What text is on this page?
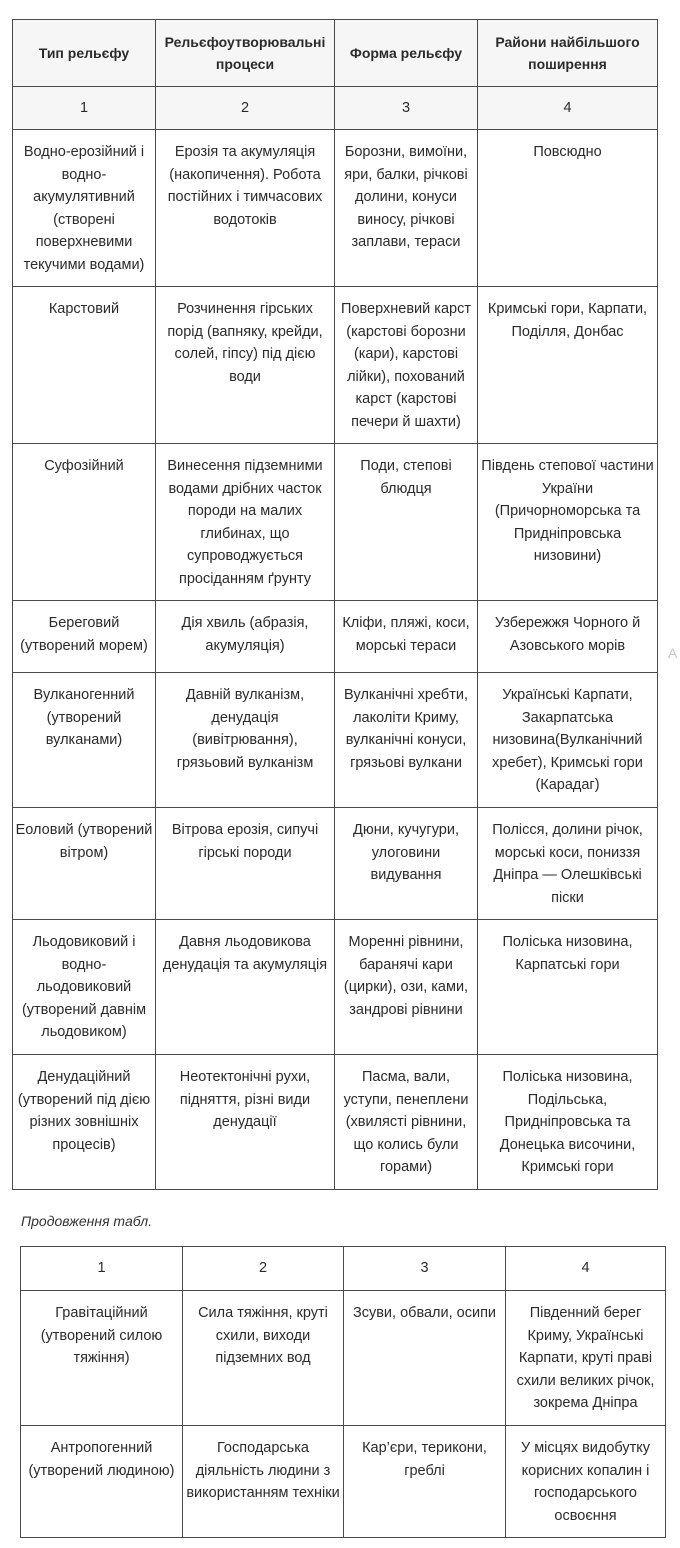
Тип рельєфу	Рельєфоутворювальні процеси	Форма рельєфу	Райони найбільшого поширення
1	2	3	4
Водно-ерозійний і водно-акумулятивний (створені поверхневими текучими водами)	Ерозія та акумуляція (накопичення). Робота постійних і тимчасових водотоків	Борозни, вимоїни, яри, балки, річкові долини, конуси виносу, річкові заплави, тераси	Повсюдно
Карстовий	Розчинення гірських порід (вапняку, крейди, солей, гіпсу) під дією води	Поверхневий карст (карстові борозни (кари), карстові лійки), похований карст (карстові печери й шахти)	Кримські гори, Карпати, Поділля, Донбас
Суфозійний	Винесення підземними водами дрібних часток породи на малих глибинах, що супроводжується просіданням ґрунту	Поди, степові блюдця	Південь степової частини України (Причорноморська та Придніпровська низовини)
Береговий (утворений морем)	Дія хвиль (абразія, акумуляція)	Кліфи, пляжі, коси, морські тераси	Узбережжя Чорного й Азовського морів
Вулканогенний (утворений вулканами)	Давній вулканізм, денудація (вивітрювання), грязьовий вулканізм	Вулканічні хребти, лаколіти Криму, вулканічні конуси, грязьові вулкани	Українські Карпати, Закарпатська низовина(Вулканічний хребет), Кримські гори (Карадаг)
Еоловий (утворений вітром)	Вітрова ерозія, сипучі гірські породи	Дюни, кучугури, улоговини видування	Полісся, долини річок, морські коси, пониззя Дніпра — Олешківські піски
Льодовиковий і водно-льодовиковий (утворений давнім льодовиком)	Давня льодовикова денудація та акумуляція	Моренні рівнини, баранячі кари (цирки), ози, ками, зандрові рівнини	Поліська низовина, Карпатські гори
Денудаційний (утворений під дією різних зовнішніх процесів)	Неотектонічні рухи, підняття, різні види денудації	Пасма, вали, уступи, пенеплени (хвилясті рівнини, що колись були горами)	Поліська низовина, Подільська, Придніпровська та Донецька височини, Кримські гори
Продовження табл.
1	2	3	4
Гравітаційний (утворений силою тяжіння)	Сила тяжіння, круті схили, виходи підземних вод	Зсуви, обвали, осипи	Південний берег Криму, Українські Карпати, круті праві схили великих річок, зокрема Дніпра
Антропогенний (утворений людиною)	Господарська діяльність людини з використанням техніки	Кар’єри, терикони, греблі	У місцях видобутку корисних копалин і господарського освоєння
A
